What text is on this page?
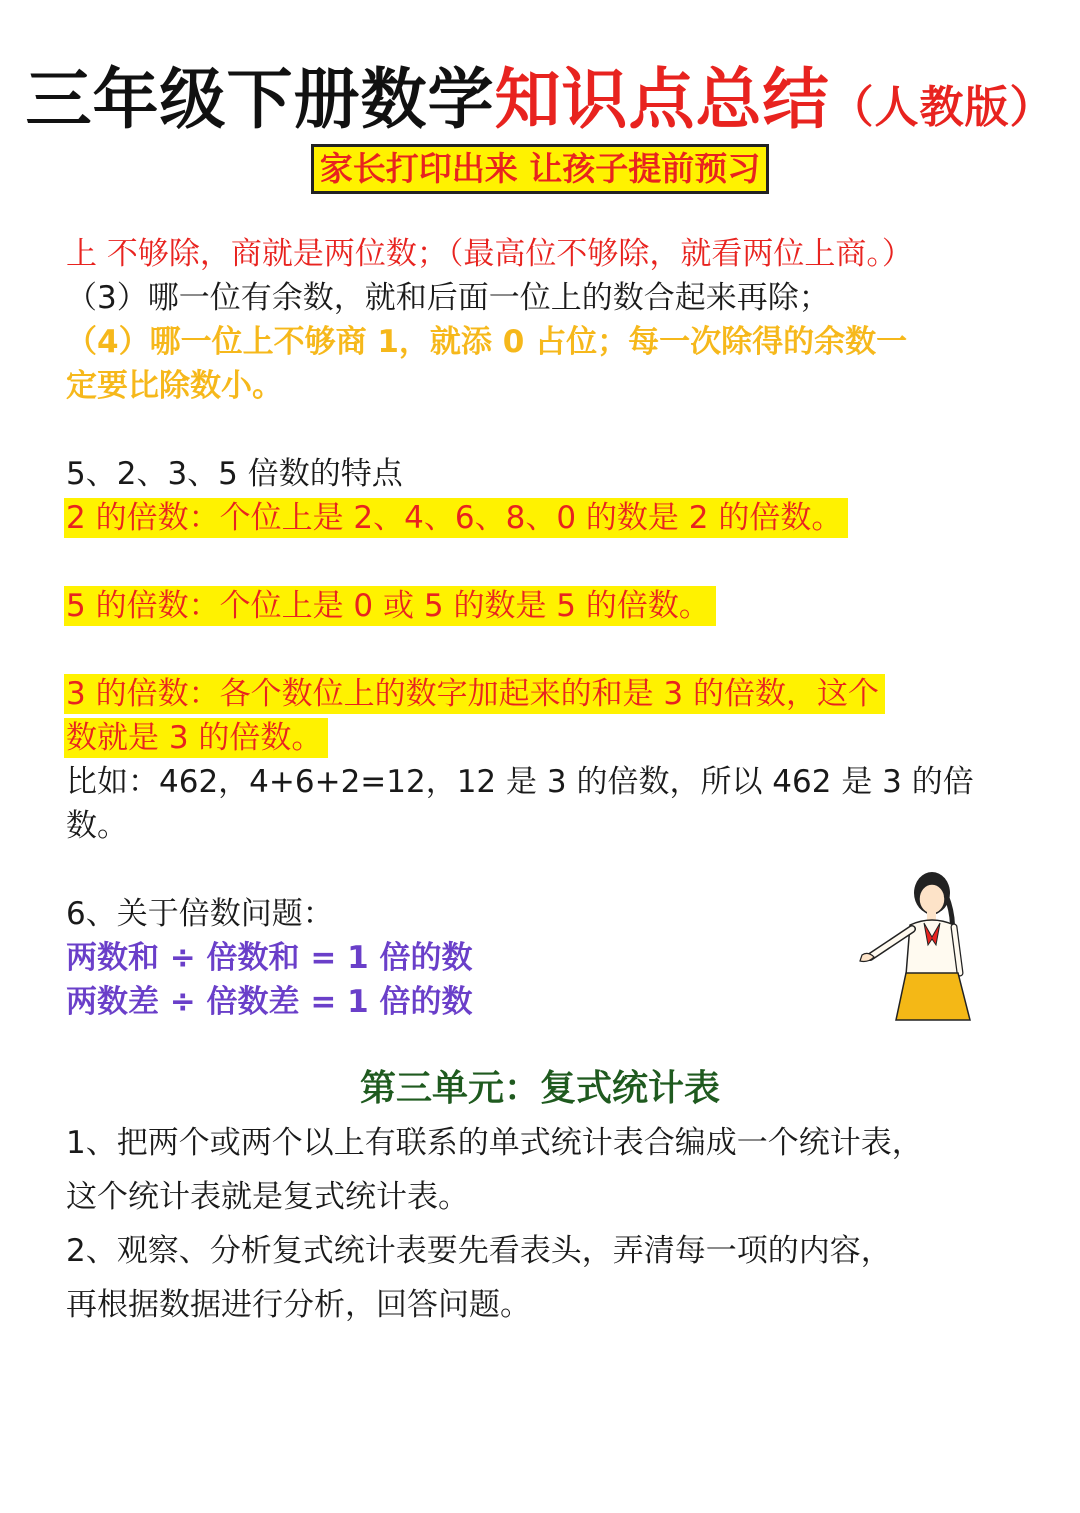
三年级下册数学知识点总结（人教版）
家长打印出来 让孩子提前预习
上 不够除，商就是两位数；（最高位不够除，就看两位上商。）
（3）哪一位有余数，就和后面一位上的数合起来再除；
（4）哪一位上不够商 1，就添 0 占位；每一次除得的余数一
定要比除数小。
5、2、3、5 倍数的特点
2 的倍数：个位上是 2、4、6、8、0 的数是 2 的倍数。
5 的倍数：个位上是 0 或 5 的数是 5 的倍数。
3 的倍数：各个数位上的数字加起来的和是 3 的倍数，这个
数就是 3 的倍数。
比如：462，4+6+2=12，12 是 3 的倍数，所以 462 是 3 的倍
数。
6、关于倍数问题：
两数和 ÷ 倍数和 = 1 倍的数
两数差 ÷ 倍数差 = 1 倍的数
第三单元：复式统计表
1、把两个或两个以上有联系的单式统计表合编成一个统计表，
这个统计表就是复式统计表。
2、观察、分析复式统计表要先看表头，弄清每一项的内容，
再根据数据进行分析，回答问题。
